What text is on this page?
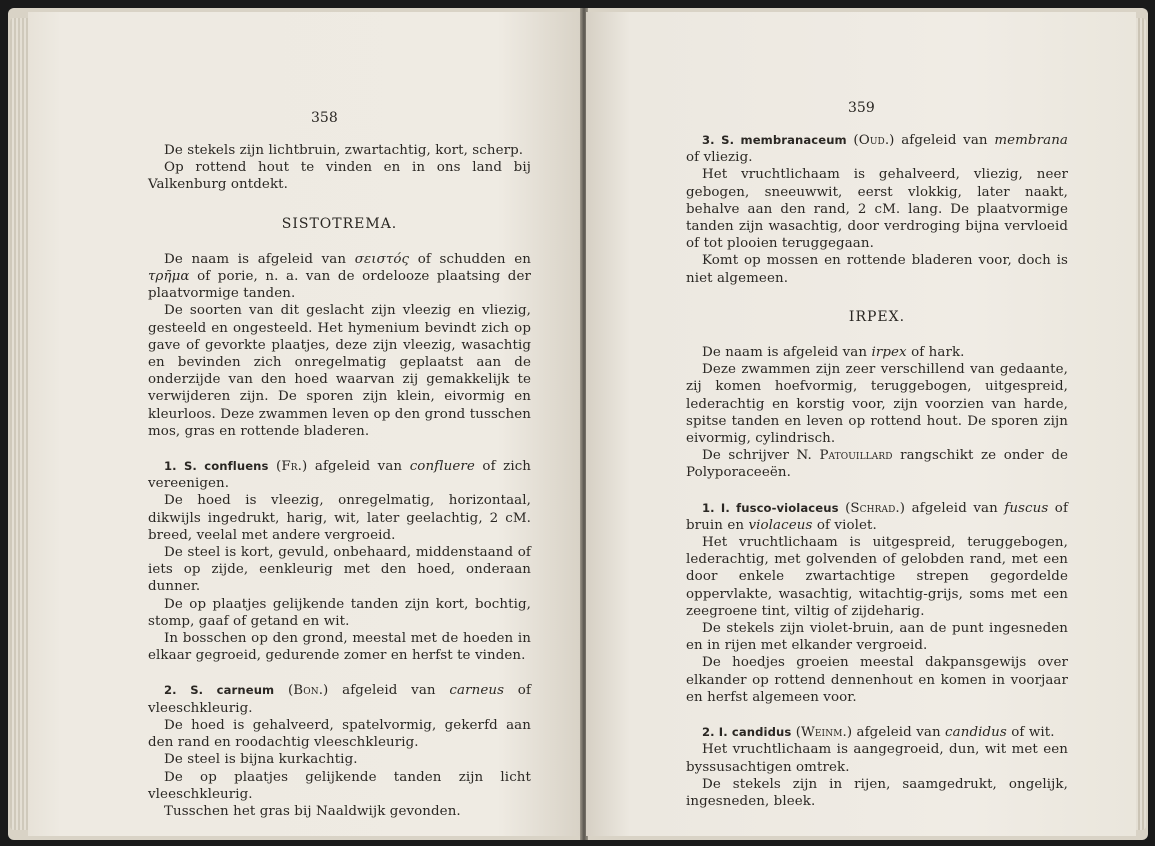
358

De stekels zijn lichtbruin, zwartachtig, kort, scherp.

Op rottend hout te vinden en in ons land bij Valkenburg ontdekt.

SISTOTREMA.

De naam is afgeleid van σειστός of schudden en τρῆμα of porie, n. a. van de ordelooze plaatsing der plaatvormige tanden.

De soorten van dit geslacht zijn vleezig en vliezig, gesteeld en ongesteeld. Het hymenium bevindt zich op gave of gevorkte plaatjes, deze zijn vleezig, wasachtig en bevinden zich onregelmatig geplaatst aan de onderzijde van den hoed waarvan zij gemakkelijk te verwijderen zijn. De sporen zijn klein, eivormig en kleurloos. Deze zwammen leven op den grond tusschen mos, gras en rottende bladeren.

1. S. confluens (Fr.) afgeleid van confluere of zich vereenigen.

De hoed is vleezig, onregelmatig, horizontaal, dikwijls ingedrukt, harig, wit, later geelachtig, 2 cM. breed, veelal met andere vergroeid.

De steel is kort, gevuld, onbehaard, middenstaand of iets op zijde, eenkleurig met den hoed, onderaan dunner.

De op plaatjes gelijkende tanden zijn kort, bochtig, stomp, gaaf of getand en wit.

In bosschen op den grond, meestal met de hoeden in elkaar gegroeid, gedurende zomer en herfst te vinden.

2. S. carneum (Bon.) afgeleid van carneus of vleeschkleurig.

De hoed is gehalveerd, spatelvormig, gekerfd aan den rand en roodachtig vleeschkleurig.

De steel is bijna kurkachtig.

De op plaatjes gelijkende tanden zijn licht vleeschkleurig.

Tusschen het gras bij Naaldwijk gevonden.

359

3. S. membranaceum (Oud.) afgeleid van membrana of vliezig.

Het vruchtlichaam is gehalveerd, vliezig, neer gebogen, sneeuwwit, eerst vlokkig, later naakt, behalve aan den rand, 2 cM. lang. De plaatvormige tanden zijn wasachtig, door verdroging bijna vervloeid of tot plooien teruggegaan.

Komt op mossen en rottende bladeren voor, doch is niet algemeen.

IRPEX.

De naam is afgeleid van irpex of hark.

Deze zwammen zijn zeer verschillend van gedaante, zij komen hoefvormig, teruggebogen, uitgespreid, lederachtig en korstig voor, zijn voorzien van harde, spitse tanden en leven op rottend hout. De sporen zijn eivormig, cylindrisch.

De schrijver N. Patouillard rangschikt ze onder de Polyporaceeën.

1. I. fusco-violaceus (Schrad.) afgeleid van fuscus of bruin en violaceus of violet.

Het vruchtlichaam is uitgespreid, teruggebogen, lederachtig, met golvenden of gelobden rand, met een door enkele zwartachtige strepen gegordelde oppervlakte, wasachtig, witachtig-grijs, soms met een zeegroene tint, viltig of zijdeharig.

De stekels zijn violet-bruin, aan de punt ingesneden en in rijen met elkander vergroeid.

De hoedjes groeien meestal dakpansgewijs over elkander op rottend dennenhout en komen in voorjaar en herfst algemeen voor.

2. I. candidus (Weinm.) afgeleid van candidus of wit.

Het vruchtlichaam is aangegroeid, dun, wit met een byssusachtigen omtrek.

De stekels zijn in rijen, saamgedrukt, ongelijk, ingesneden, bleek.
